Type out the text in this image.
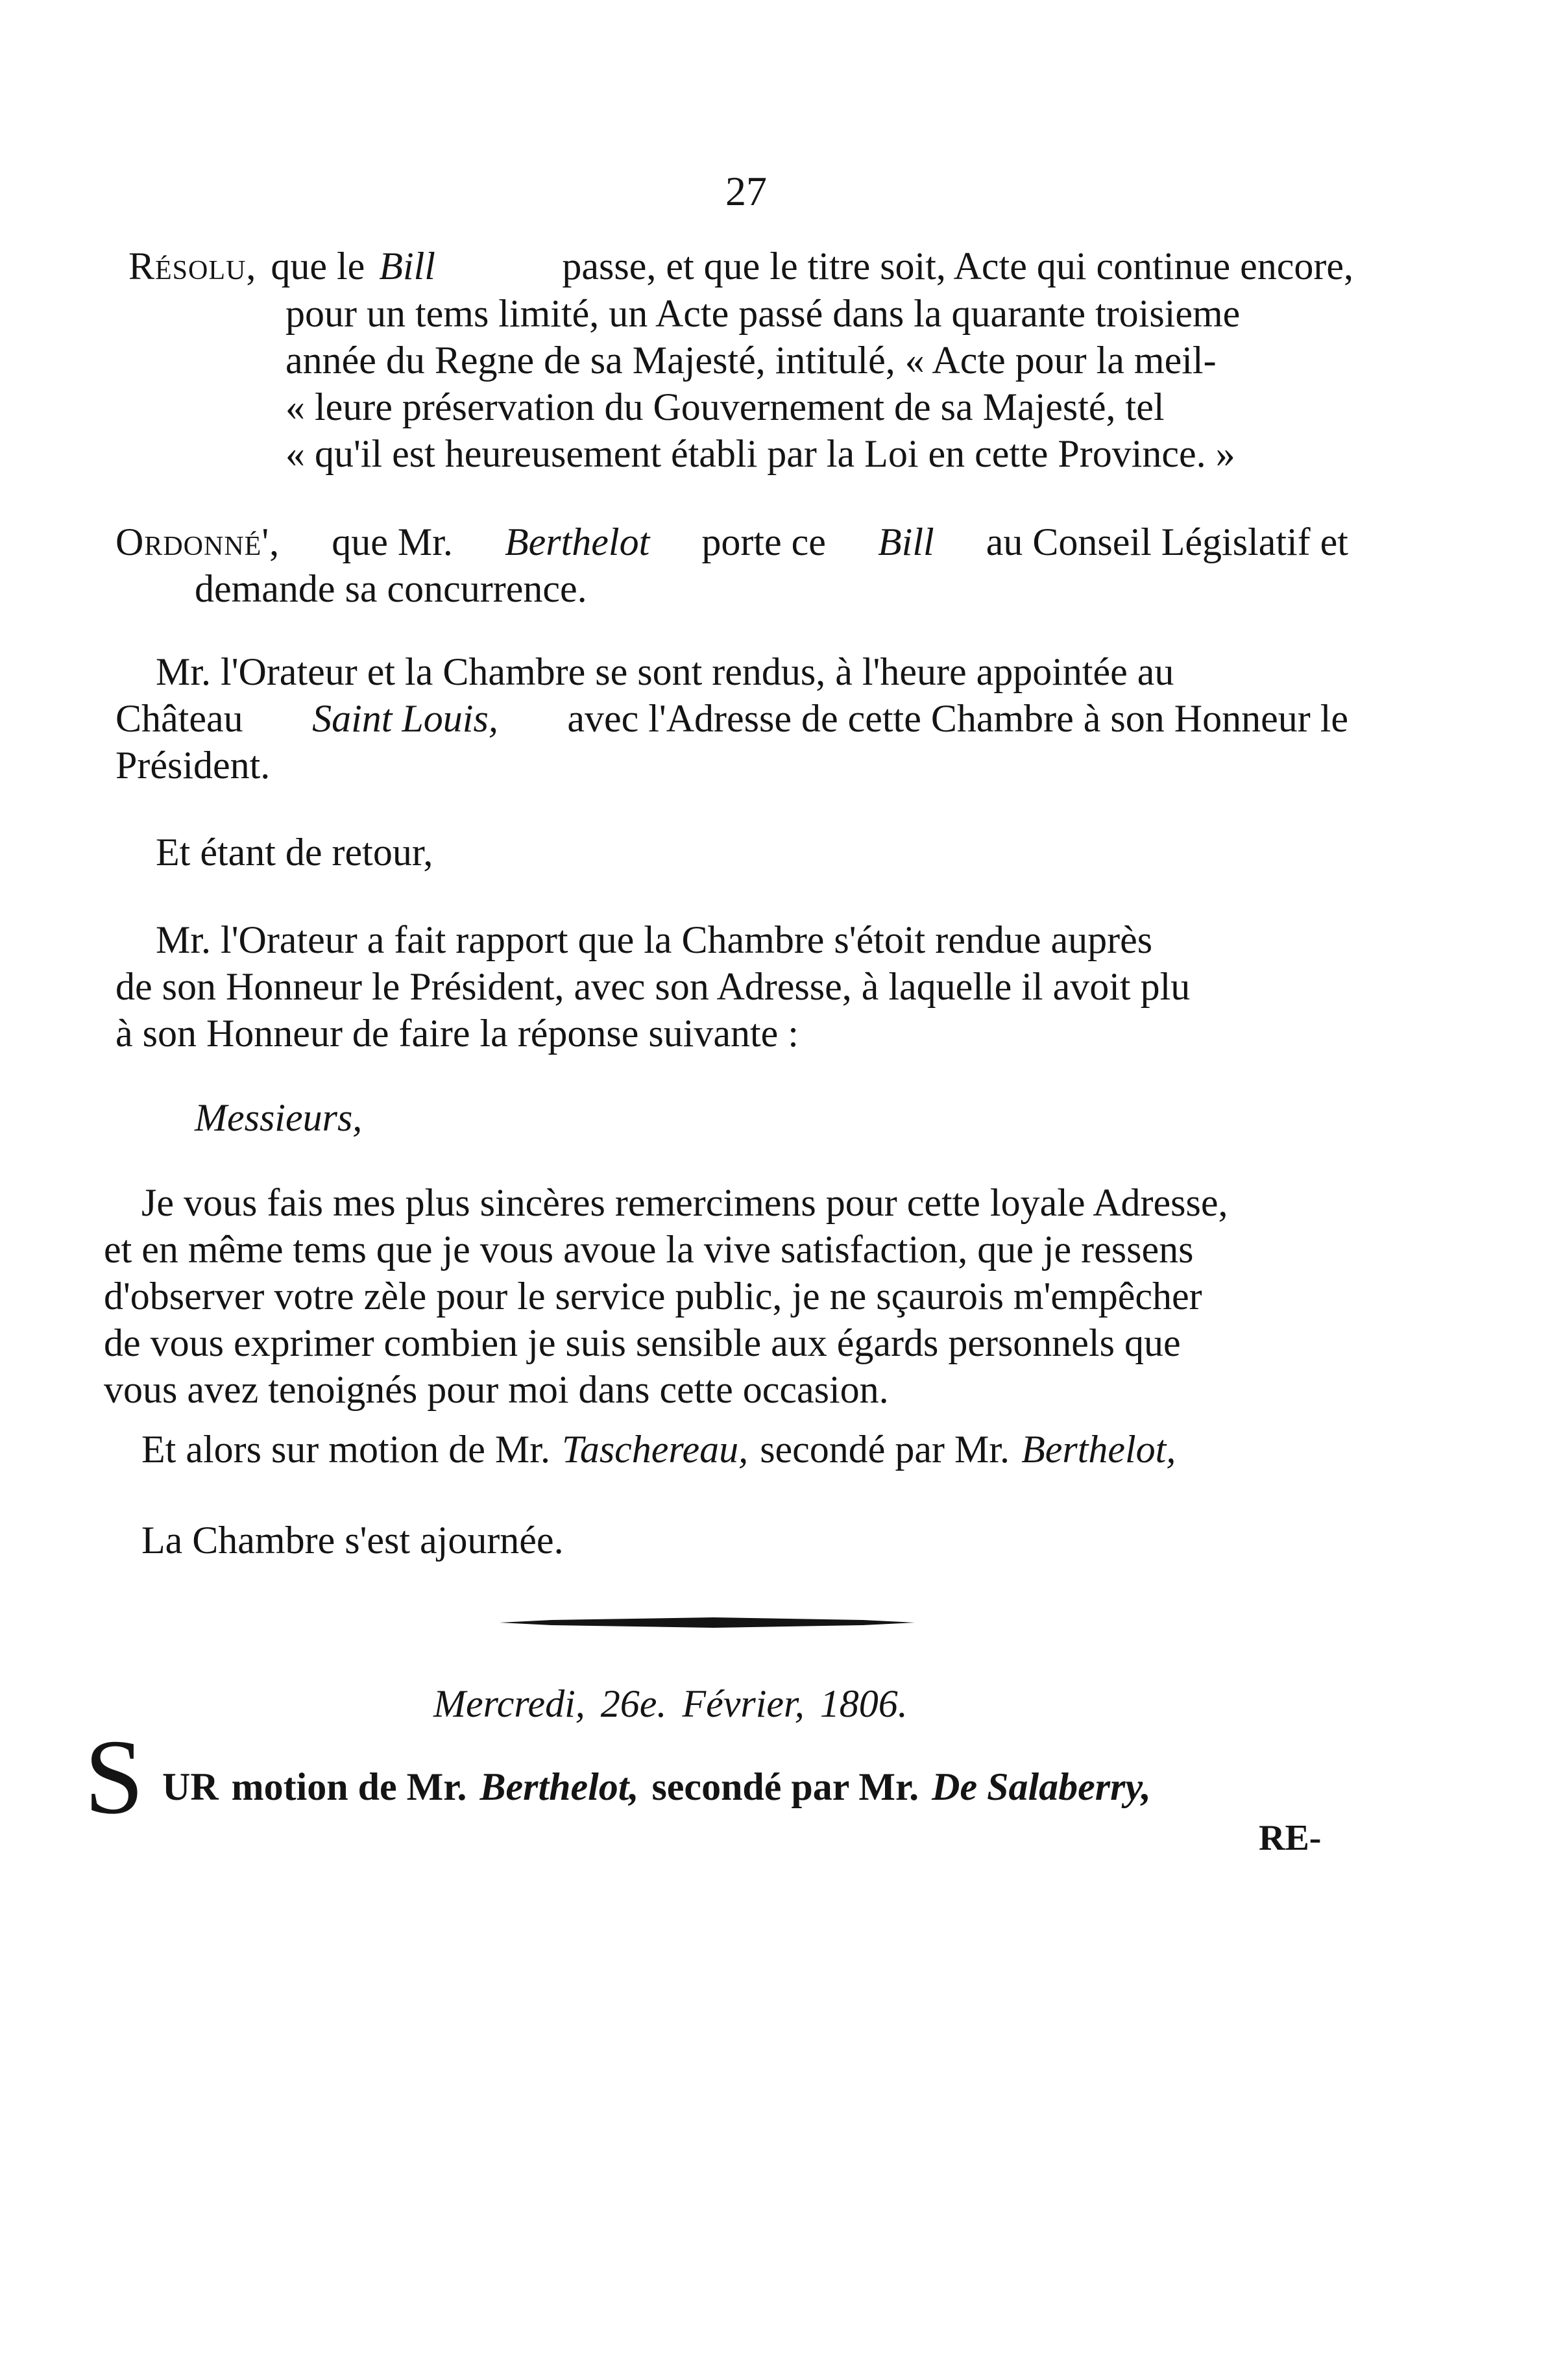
27
Résolu, que le Bill	passe, et que le titre soit, Acte qui continue encore,
pour un tems limité, un Acte passé dans la quarante troisieme
année du Regne de sa Majesté, intitulé, « Acte pour la meil-
« leure préservation du Gouvernement de sa Majesté, tel
« qu'il est heureusement établi par la Loi en cette Province. »
Ordonné', que Mr. Berthelot porte ce Bill au Conseil Législatif et
demande sa concurrence.
Mr. l'Orateur et la Chambre se sont rendus, à l'heure appointée au
Château Saint Louis, avec l'Adresse de cette Chambre à son Honneur le
Président.
Et étant de retour,
Mr. l'Orateur a fait rapport que la Chambre s'étoit rendue auprès
de son Honneur le Président, avec son Adresse, à laquelle il avoit plu
à son Honneur de faire la réponse suivante :
Messieurs,
Je vous fais mes plus sincères remercimens pour cette loyale Adresse,
et en même tems que je vous avoue la vive satisfaction, que je ressens
d'observer votre zèle pour le service public, je ne sçaurois m'empêcher
de vous exprimer combien je suis sensible aux égards personnels que
vous avez tenoignés pour moi dans cette occasion.
Et alors sur motion de Mr. Taschereau, secondé par Mr. Berthelot,
La Chambre s'est ajournée.
Mercredi, 26e. Février, 1806.
S UR motion de Mr. Berthelot, secondé par Mr. De Salaberry,
RE-
